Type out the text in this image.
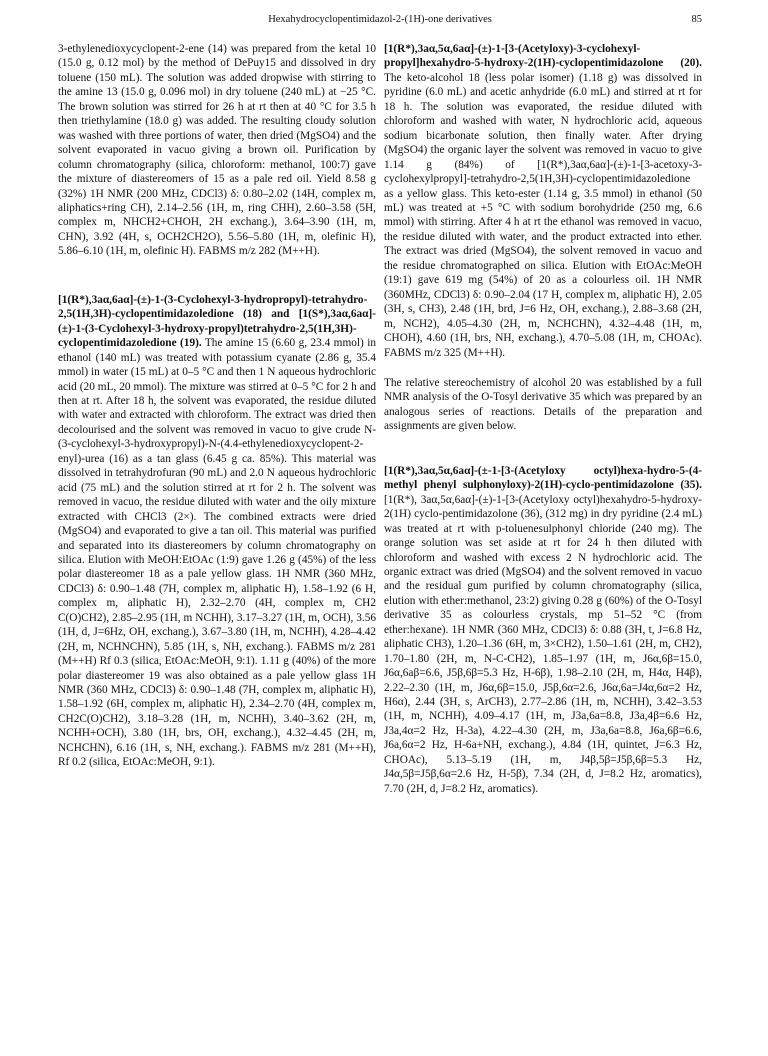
Hexahydrocyclopentimidazol-2-(1H)-one derivatives	85

3-ethylenedioxycyclopent-2-ene (14) was prepared from the ketal 10 (15.0 g, 0.12 mol) by the method of DePuy15 and dissolved in dry toluene (150 mL). The solution was added dropwise with stirring to the amine 13 (15.0 g, 0.096 mol) in dry toluene (240 mL) at −25 °C. The brown solution was stirred for 26 h at rt then at 40 °C for 3.5 h then triethylamine (18.0 g) was added. The resulting cloudy solution was washed with three portions of water, then dried (MgSO4) and the solvent evaporated in vacuo giving a brown oil. Purification by column chromatography (silica, chloroform: methanol, 100:7) gave the mixture of diastereomers of 15 as a pale red oil. Yield 8.58 g (32%) 1H NMR (200 MHz, CDCl3) δ: 0.80–2.02 (14H, complex m, aliphatics+ring CH), 2.14–2.56 (1H, m, ring CHH), 2.60–3.58 (5H, complex m, NHCH2+CHOH, 2H exchang.), 3.64–3.90 (1H, m, CHN), 3.92 (4H, s, OCH2CH2O), 5.56–5.80 (1H, m, olefinic H), 5.86–6.10 (1H, m, olefinic H). FABMS m/z 282 (M++H).

[1(R*),3aα,6aα]-(±)-1-(3-Cyclohexyl-3-hydropropyl)-tetrahydro-2,5(1H,3H)-cyclopentimidazoledione (18) and [1(S*),3aα,6aα]-(±)-1-(3-Cyclohexyl-3-hydroxy-propyl)tetrahydro-2,5(1H,3H)-cyclopentimidazoledione (19). The amine 15 (6.60 g, 23.4 mmol) in ethanol (140 mL) was treated with potassium cyanate (2.86 g, 35.4 mmol) in water (15 mL) at 0–5 °C and then 1 N aqueous hydrochloric acid (20 mL, 20 mmol). The mixture was stirred at 0–5 °C for 2 h and then at rt. After 18 h, the solvent was evaporated, the residue diluted with water and extracted with chloroform. The extract was dried then decolourised and the solvent was removed in vacuo to give crude N-(3-cyclohexyl-3-hydroxypropyl)-N-(4.4-ethylenedioxycyclopent-2-enyl)-urea (16) as a tan glass (6.45 g ca. 85%). This material was dissolved in tetrahydrofuran (90 mL) and 2.0 N aqueous hydrochloric acid (75 mL) and the solution stirred at rt for 2 h. The solvent was removed in vacuo, the residue diluted with water and the oily mixture extracted with CHCl3 (2×). The combined extracts were dried (MgSO4) and evaporated to give a tan oil. This material was purified and separated into its diastereomers by column chromatography on silica. Elution with MeOH:EtOAc (1:9) gave 1.26 g (45%) of the less polar diastereomer 18 as a pale yellow glass. 1H NMR (360 MHz, CDCl3) δ: 0.90–1.48 (7H, complex m, aliphatic H), 1.58–1.92 (6 H, complex m, aliphatic H), 2.32–2.70 (4H, complex m, CH2 C(O)CH2), 2.85–2.95 (1H, m NCHH), 3.17–3.27 (1H, m, OCH), 3.56 (1H, d, J=6Hz, OH, exchang.), 3.67–3.80 (1H, m, NCHH), 4.28–4.42 (2H, m, NCHNCHN), 5.85 (1H, s, NH, exchang.). FABMS m/z 281 (M++H) Rf 0.3 (silica, EtOAc:MeOH, 9:1). 1.11 g (40%) of the more polar diastereomer 19 was also obtained as a pale yellow glass 1H NMR (360 MHz, CDCl3) δ: 0.90–1.48 (7H, complex m, aliphatic H), 1.58–1.92 (6H, complex m, aliphatic H), 2.34–2.70 (4H, complex m, CH2C(O)CH2), 3.18–3.28 (1H, m, NCHH), 3.40–3.62 (2H, m, NCHH+OCH), 3.80 (1H, brs, OH, exchang.), 4.32–4.45 (2H, m, NCHCHN), 6.16 (1H, s, NH, exchang.). FABMS m/z 281 (M++H), Rf 0.2 (silica, EtOAc:MeOH, 9:1).

[1(R*),3aα,5α,6aα]-(±)-1-[3-(Acetyloxy)-3-cyclohexyl-propyl]hexahydro-5-hydroxy-2(1H)-cyclopentimidazolone (20). The keto-alcohol 18 (less polar isomer) (1.18 g) was dissolved in pyridine (6.0 mL) and acetic anhydride (6.0 mL) and stirred at rt for 18 h. The solution was evaporated, the residue diluted with chloroform and washed with water, N hydrochloric acid, aqueous sodium bicarbonate solution, then finally water. After drying (MgSO4) the organic layer the solvent was removed in vacuo to give 1.14 g (84%) of [1(R*),3aα,6aα]-(±)-1-[3-acetoxy-3-cyclohexylpropyl]-tetrahydro-2,5(1H,3H)-cyclopentimidazoledione as a yellow glass. This keto-ester (1.14 g, 3.5 mmol) in ethanol (50 mL) was treated at +5 °C with sodium borohydride (250 mg, 6.6 mmol) with stirring. After 4 h at rt the ethanol was removed in vacuo, the residue diluted with water, and the product extracted into ether. The extract was dried (MgSO4), the solvent removed in vacuo and the residue chromatographed on silica. Elution with EtOAc:MeOH (19:1) gave 619 mg (54%) of 20 as a colourless oil. 1H NMR (360MHz, CDCl3) δ: 0.90–2.04 (17 H, complex m, aliphatic H), 2.05 (3H, s, CH3), 2.48 (1H, brd, J=6 Hz, OH, exchang.), 2.88–3.68 (2H, m, NCH2), 4.05–4.30 (2H, m, NCHCHN), 4.32–4.48 (1H, m, CHOH), 4.60 (1H, brs, NH, exchang.), 4.70–5.08 (1H, m, CHOAc). FABMS m/z 325 (M++H).

The relative stereochemistry of alcohol 20 was established by a full NMR analysis of the O-Tosyl derivative 35 which was prepared by an analogous series of reactions. Details of the preparation and assignments are given below.

[1(R*),3aα,5α,6aα]-(±-1-[3-(Acetyloxy octyl)hexa-hydro-5-(4-methyl phenyl sulphonyloxy)-2(1H)-cyclo-pentimidazolone (35). [1(R*), 3aα,5α,6aα]-(±)-1-[3-(Acetyloxy octyl)hexahydro-5-hydroxy-2(1H) cyclo-pentimidazolone (36), (312 mg) in dry pyridine (2.4 mL) was treated at rt with p-toluenesulphonyl chloride (240 mg). The orange solution was set aside at rt for 24 h then diluted with chloroform and washed with excess 2 N hydrochloric acid. The organic extract was dried (MgSO4) and the solvent removed in vacuo and the residual gum purified by column chromatography (silica, elution with ether:methanol, 23:2) giving 0.28 g (60%) of the O-Tosyl derivative 35 as colourless crystals, mp 51–52 °C (from ether:hexane). 1H NMR (360 MHz, CDCl3) δ: 0.88 (3H, t, J=6.8 Hz, aliphatic CH3), 1.20–1.36 (6H, m, 3×CH2), 1.50–1.61 (2H, m, CH2), 1.70–1.80 (2H, m, N-C-CH2), 1.85–1.97 (1H, m, J6α,6β=15.0, J6α,6aβ=6.6, J5β,6β=5.3 Hz, H-6β), 1.98–2.10 (2H, m, H4α, H4β), 2.22–2.30 (1H, m, J6α,6β=15.0, J5β,6α=2.6, J6α,6a=J4α,6α=2 Hz, H6α), 2.44 (3H, s, ArCH3), 2.77–2.86 (1H, m, NCHH), 3.42–3.53 (1H, m, NCHH), 4.09–4.17 (1H, m, J3a,6a=8.8, J3a,4β=6.6 Hz, J3a,4α=2 Hz, H-3a), 4.22–4.30 (2H, m, J3a,6a=8.8, J6a,6β=6.6, J6a,6α=2 Hz, H-6a+NH, exchang.), 4.84 (1H, quintet, J=6.3 Hz, CHOAc), 5.13–5.19 (1H, m, J4β,5β=J5β,6β=5.3 Hz, J4α,5β=J5β,6α=2.6 Hz, H-5β), 7.34 (2H, d, J=8.2 Hz, aromatics), 7.70 (2H, d, J=8.2 Hz, aromatics).
